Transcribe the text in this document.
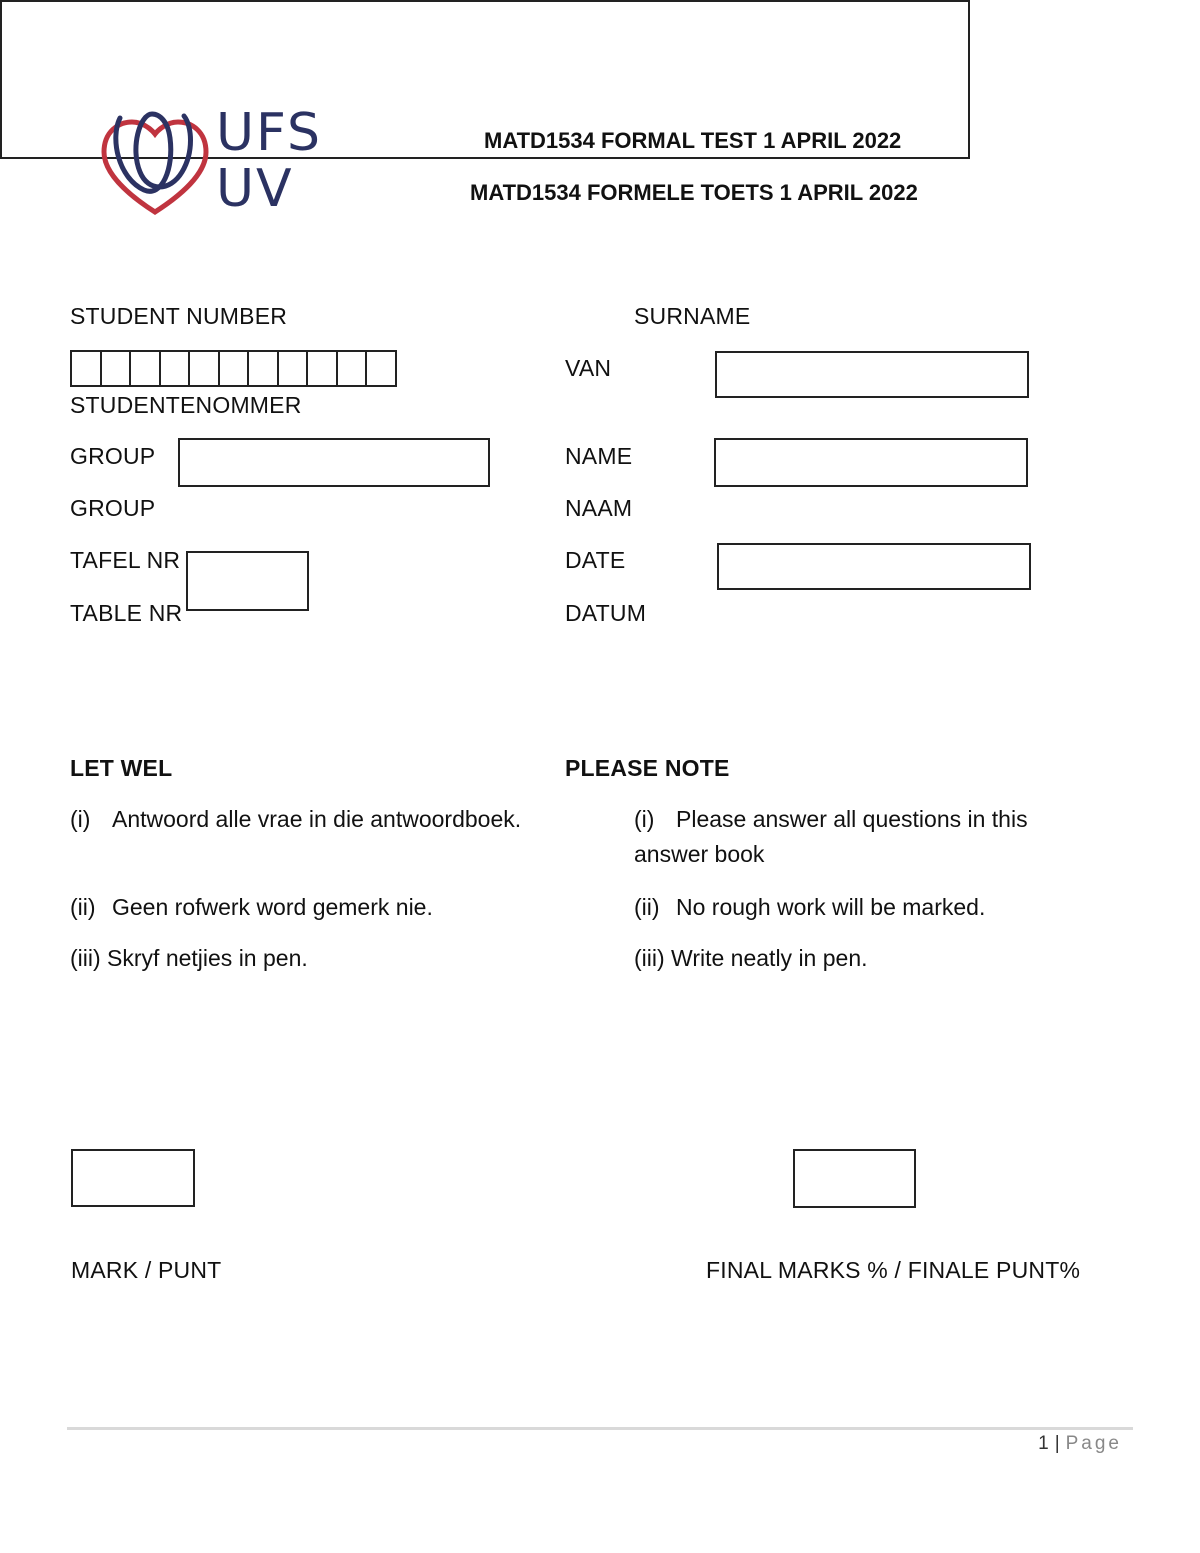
UFS
UV
MATD1534 FORMAL TEST 1 APRIL 2022
MATD1534 FORMELE TOETS 1 APRIL 2022
STUDENT NUMBER
STUDENTENOMMER
SURNAME
VAN
GROUP
GROUP
NAME
NAAM
TAFEL NR
TABLE NR
DATE
DATUM
LET WEL	PLEASE NOTE
(i) Antwoord alle vrae in die antwoordboek.
(ii) Geen rofwerk word gemerk nie.
(iii) Skryf netjies in pen.
(i) Please answer all questions in this answer book
(ii) No rough work will be marked.
(iii) Write neatly in pen.
MARK / PUNT	FINAL MARKS % / FINALE PUNT%
1 | Page
